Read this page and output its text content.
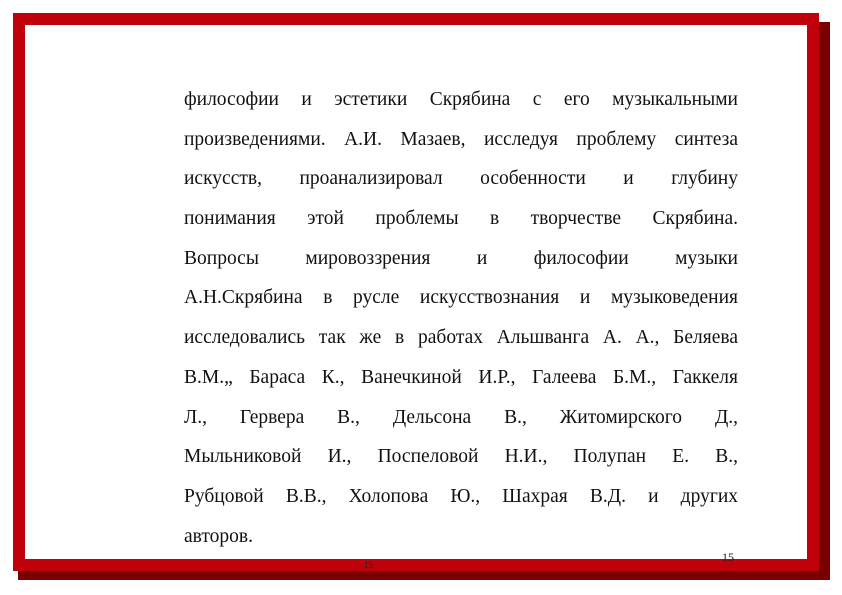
философии и эстетики Скрябина с его музыкальными
произведениями. А.И. Мазаев, исследуя проблему синтеза
искусств, проанализировал особенности и глубину
понимания этой проблемы в творчестве Скрябина.
Вопросы мировоззрения и философии музыки
А.Н.Скрябина в русле искусствознания и музыковедения
исследовались так же в работах Альшванга А. А., Беляева
В.М.„ Бараса К., Ванечкиной И.Р., Галеева Б.М., Гаккеля
Л., Гервера В., Дельсона В., Житомирского Д.,
Мыльниковой И., Поспеловой Н.И., Полупан Е. В.,
Рубцовой В.В., Холопова Ю., Шахрая В.Д. и других
авторов.
15
15
